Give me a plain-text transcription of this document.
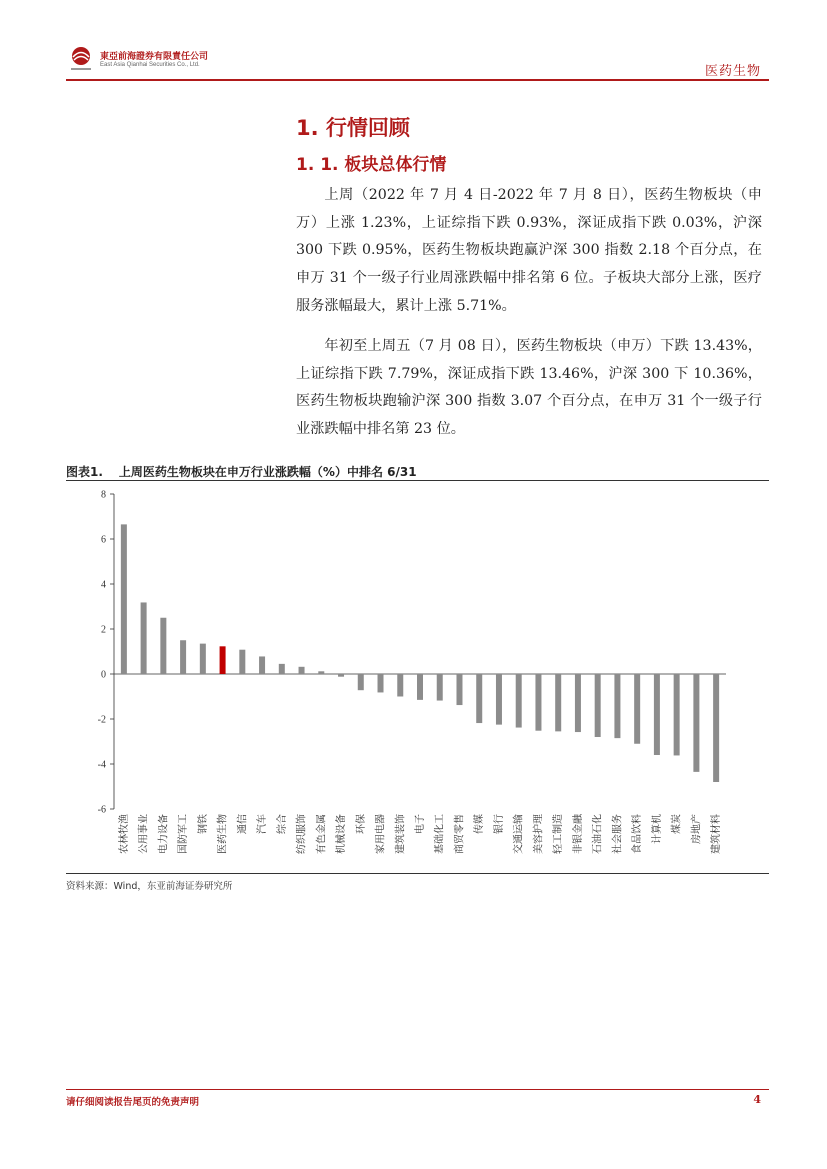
東亞前海證券有限責任公司
East Asia Qianhai Securities Co., Ltd.	医药生物
1. 行情回顾
1. 1. 板块总体行情
上周（2022 年 7 月 4 日-2022 年 7 月 8 日），医药生物板块（申万）上涨 1.23%，上证综指下跌 0.93%，深证成指下跌 0.03%，沪深 300 下跌 0.95%，医药生物板块跑赢沪深 300 指数 2.18 个百分点，在申万 31 个一级子行业周涨跌幅中排名第 6 位。子板块大部分上涨，医疗服务涨幅最大，累计上涨 5.71%。
年初至上周五（7 月 08 日），医药生物板块（申万）下跌 13.43%，上证综指下跌 7.79%，深证成指下跌 13.46%，沪深 300 下 10.36%，医药生物板块跑输沪深 300 指数 3.07 个百分点，在申万 31 个一级子行业涨跌幅中排名第 23 位。
图表1. 上周医药生物板块在申万行业涨跌幅（%）中排名 6/31
-6
-4
-2
0
2
4
6
8
农林牧渔 公用事业 电力设备 国防军工 钢铁 医药生物 通信 汽车 综合 纺织服饰 有色金属 机械设备 环保 家用电器 建筑装饰 电子 基础化工 商贸零售 传媒 银行 交通运输 美容护理 轻工制造 非银金融 石油石化 社会服务 食品饮料 计算机 煤炭 房地产 建筑材料
资料来源：Wind，东亚前海证券研究所
请仔细阅读报告尾页的免责声明	4
